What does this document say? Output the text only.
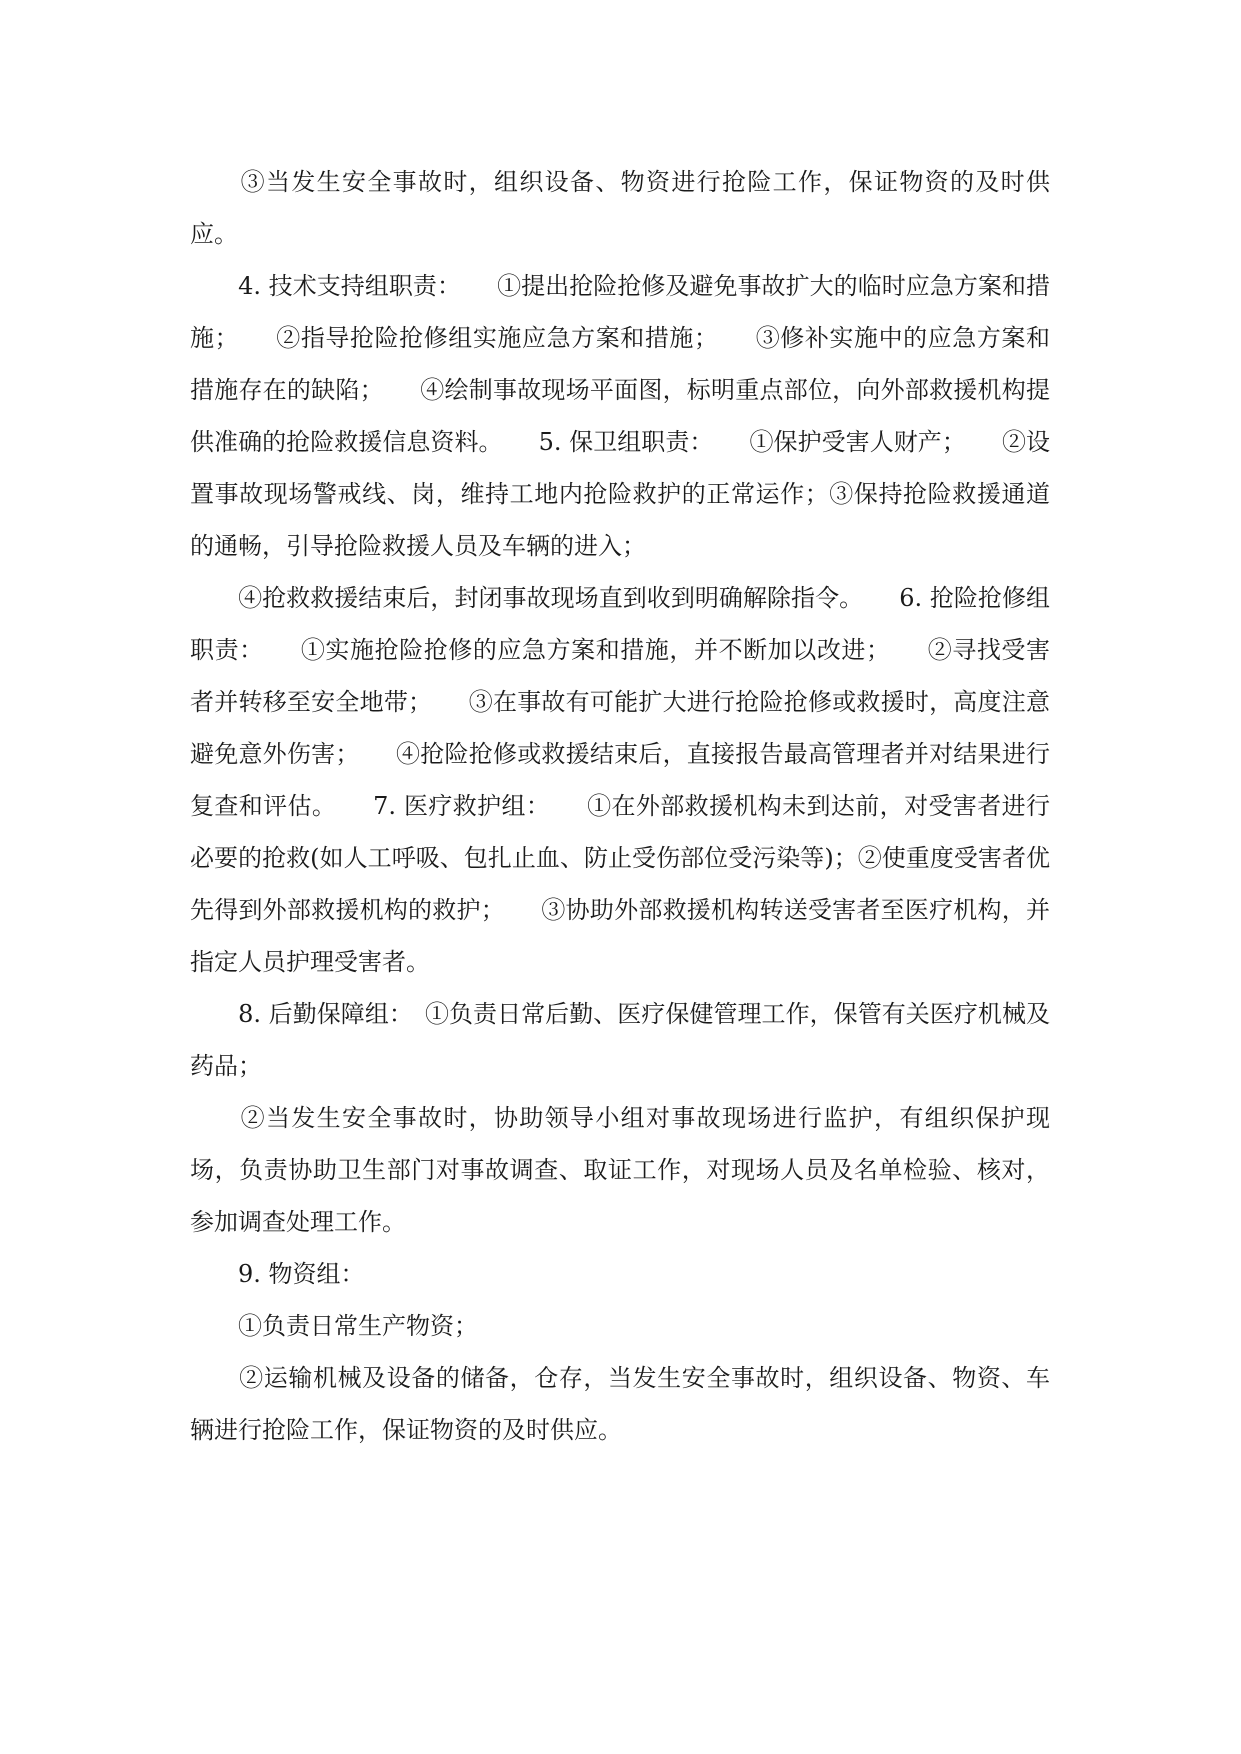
　　③当发生安全事故时，组织设备、物资进行抢险工作，保证物资的及时供应。
　　4. 技术支持组职责：　　①提出抢险抢修及避免事故扩大的临时应急方案和措施；　　②指导抢险抢修组实施应急方案和措施；　　③修补实施中的应急方案和措施存在的缺陷；　　④绘制事故现场平面图，标明重点部位，向外部救援机构提供准确的抢险救援信息资料。　　5. 保卫组职责：　　①保护受害人财产；　　②设置事故现场警戒线、岗，维持工地内抢险救护的正常运作；③保持抢险救援通道的通畅，引导抢险救援人员及车辆的进入；
　　④抢救救援结束后，封闭事故现场直到收到明确解除指令。　　6. 抢险抢修组职责：　　①实施抢险抢修的应急方案和措施，并不断加以改进；　　②寻找受害者并转移至安全地带；　　③在事故有可能扩大进行抢险抢修或救援时，高度注意避免意外伤害；　　④抢险抢修或救援结束后，直接报告最高管理者并对结果进行复查和评估。　　7. 医疗救护组：　　①在外部救援机构未到达前，对受害者进行必要的抢救(如人工呼吸、包扎止血、防止受伤部位受污染等)；②使重度受害者优先得到外部救援机构的救护；　　③协助外部救援机构转送受害者至医疗机构，并指定人员护理受害者。
　　8. 后勤保障组：　①负责日常后勤、医疗保健管理工作，保管有关医疗机械及药品；
　　②当发生安全事故时，协助领导小组对事故现场进行监护，有组织保护现场，负责协助卫生部门对事故调查、取证工作，对现场人员及名单检验、核对，参加调查处理工作。
　　9. 物资组：
　　①负责日常生产物资；
　　②运输机械及设备的储备，仓存，当发生安全事故时，组织设备、物资、车辆进行抢险工作，保证物资的及时供应。
